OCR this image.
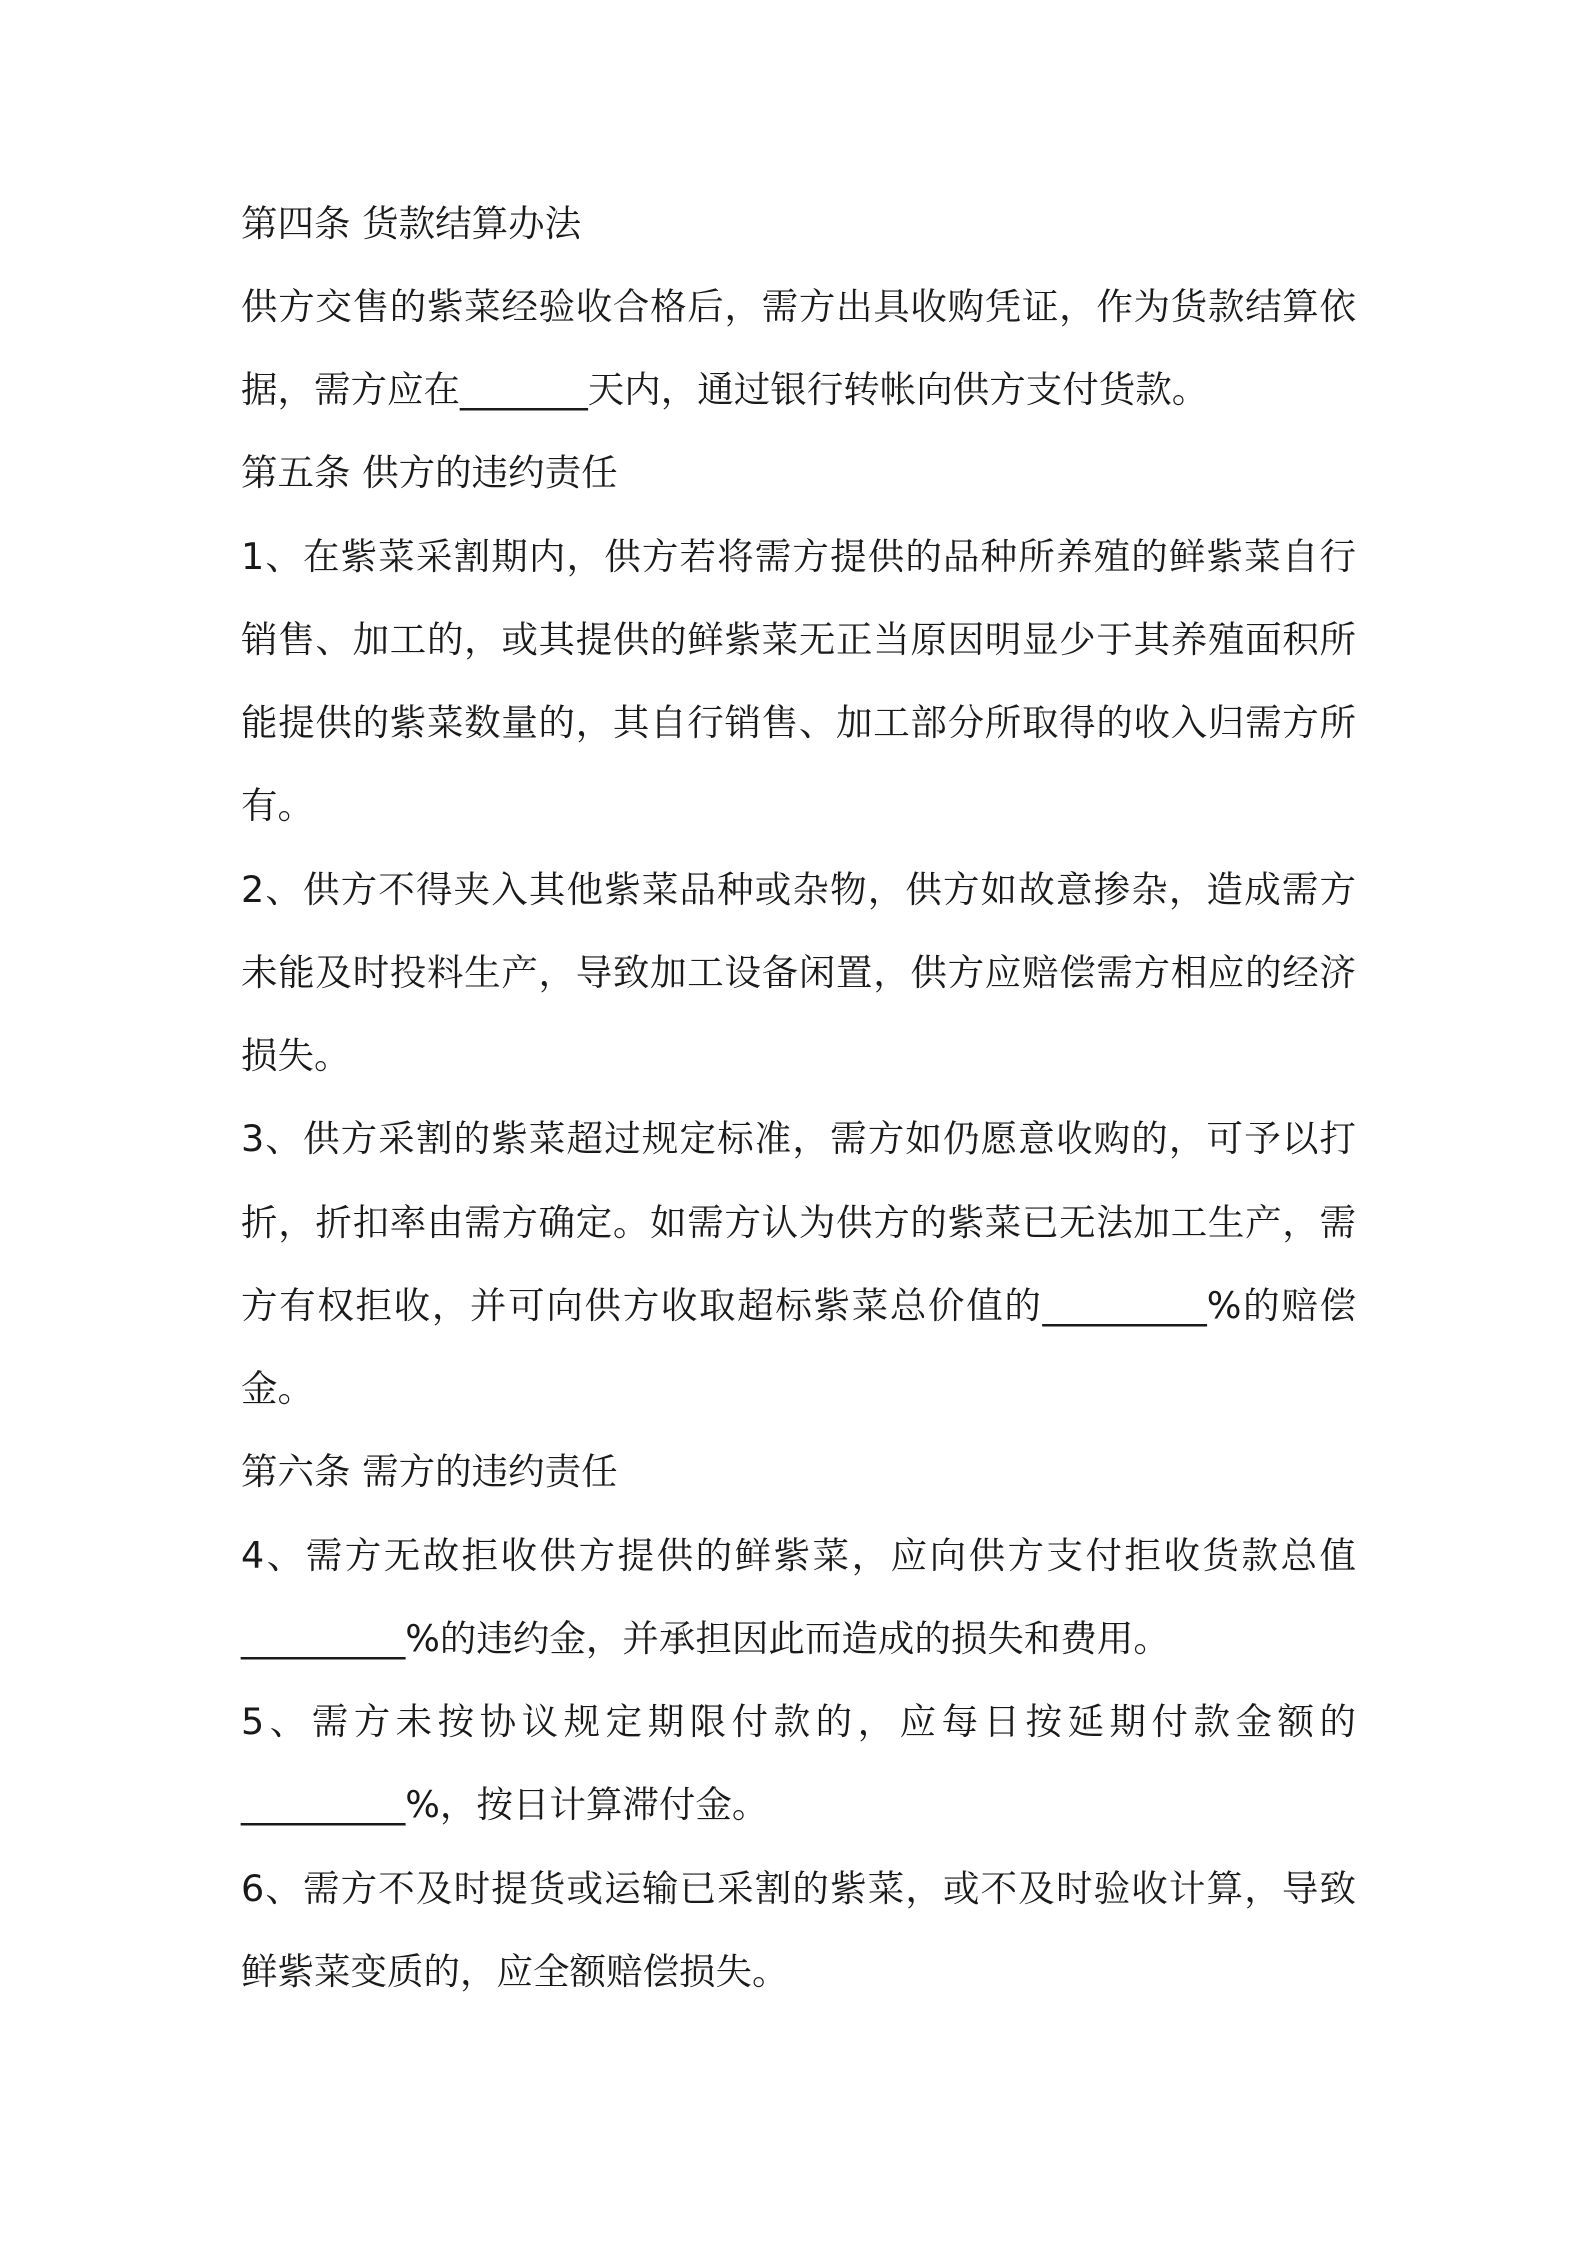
第四条 货款结算办法
供方交售的紫菜经验收合格后，需方出具收购凭证，作为货款结算依
据，需方应在_______天内，通过银行转帐向供方支付货款。
第五条 供方的违约责任
1、在紫菜采割期内，供方若将需方提供的品种所养殖的鲜紫菜自行
销售、加工的，或其提供的鲜紫菜无正当原因明显少于其养殖面积所
能提供的紫菜数量的，其自行销售、加工部分所取得的收入归需方所
有。
2、供方不得夹入其他紫菜品种或杂物，供方如故意掺杂，造成需方
未能及时投料生产，导致加工设备闲置，供方应赔偿需方相应的经济
损失。
3、供方采割的紫菜超过规定标准，需方如仍愿意收购的，可予以打
折，折扣率由需方确定。如需方认为供方的紫菜已无法加工生产，需
方有权拒收，并可向供方收取超标紫菜总价值的_________%的赔偿
金。
第六条 需方的违约责任
4、需方无故拒收供方提供的鲜紫菜，应向供方支付拒收货款总值
_________%的违约金，并承担因此而造成的损失和费用。
5、需方未按协议规定期限付款的，应每日按延期付款金额的
_________%，按日计算滞付金。
6、需方不及时提货或运输已采割的紫菜，或不及时验收计算，导致
鲜紫菜变质的，应全额赔偿损失。
